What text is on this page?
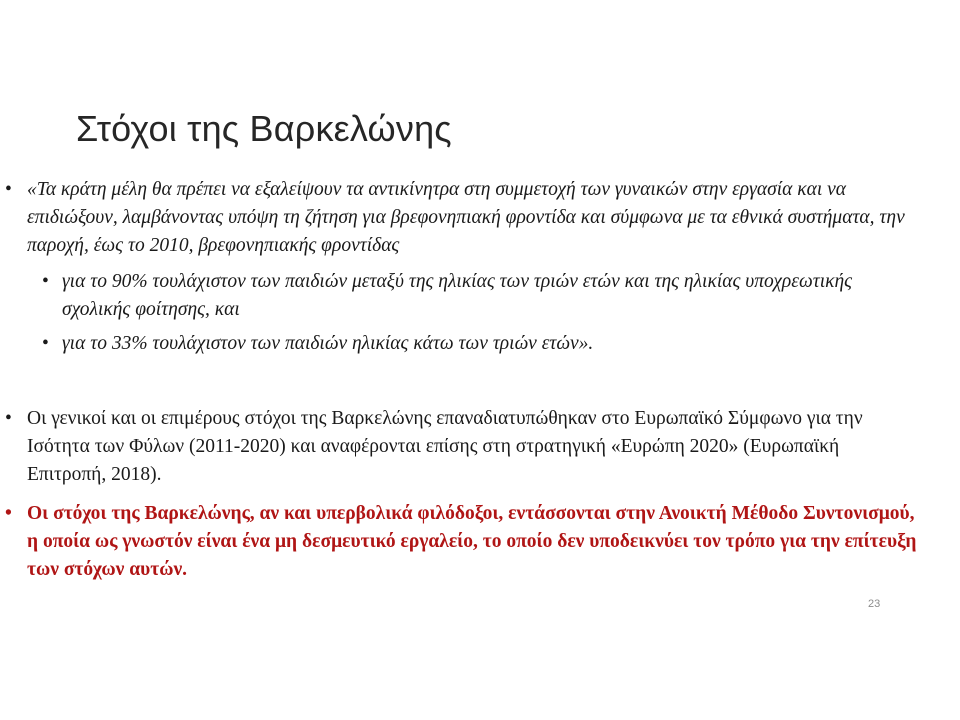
Στόχοι της Βαρκελώνης
• «Τα κράτη μέλη θα πρέπει να εξαλείψουν τα αντικίνητρα στη συμμετοχή των γυναικών στην εργασία και να επιδιώξουν, λαμβάνοντας υπόψη τη ζήτηση για βρεφονηπιακή φροντίδα και σύμφωνα με τα εθνικά συστήματα, την παροχή, έως το 2010, βρεφονηπιακής φροντίδας
• για το 90% τουλάχιστον των παιδιών μεταξύ της ηλικίας των τριών ετών και της ηλικίας υποχρεωτικής σχολικής φοίτησης, και
• για το 33% τουλάχιστον των παιδιών ηλικίας κάτω των τριών ετών».
• Οι γενικοί και οι επιμέρους στόχοι της Βαρκελώνης επαναδιατυπώθηκαν στο Ευρωπαϊκό Σύμφωνο για την Ισότητα των Φύλων (2011-2020) και αναφέρονται επίσης στη στρατηγική «Ευρώπη 2020» (Ευρωπαϊκή Επιτροπή, 2018).
• Οι στόχοι της Βαρκελώνης, αν και υπερβολικά φιλόδοξοι, εντάσσονται στην Ανοικτή Μέθοδο Συντονισμού, η οποία ως γνωστόν είναι ένα μη δεσμευτικό εργαλείο, το οποίο δεν υποδεικνύει τον τρόπο για την επίτευξη των στόχων αυτών.
23
